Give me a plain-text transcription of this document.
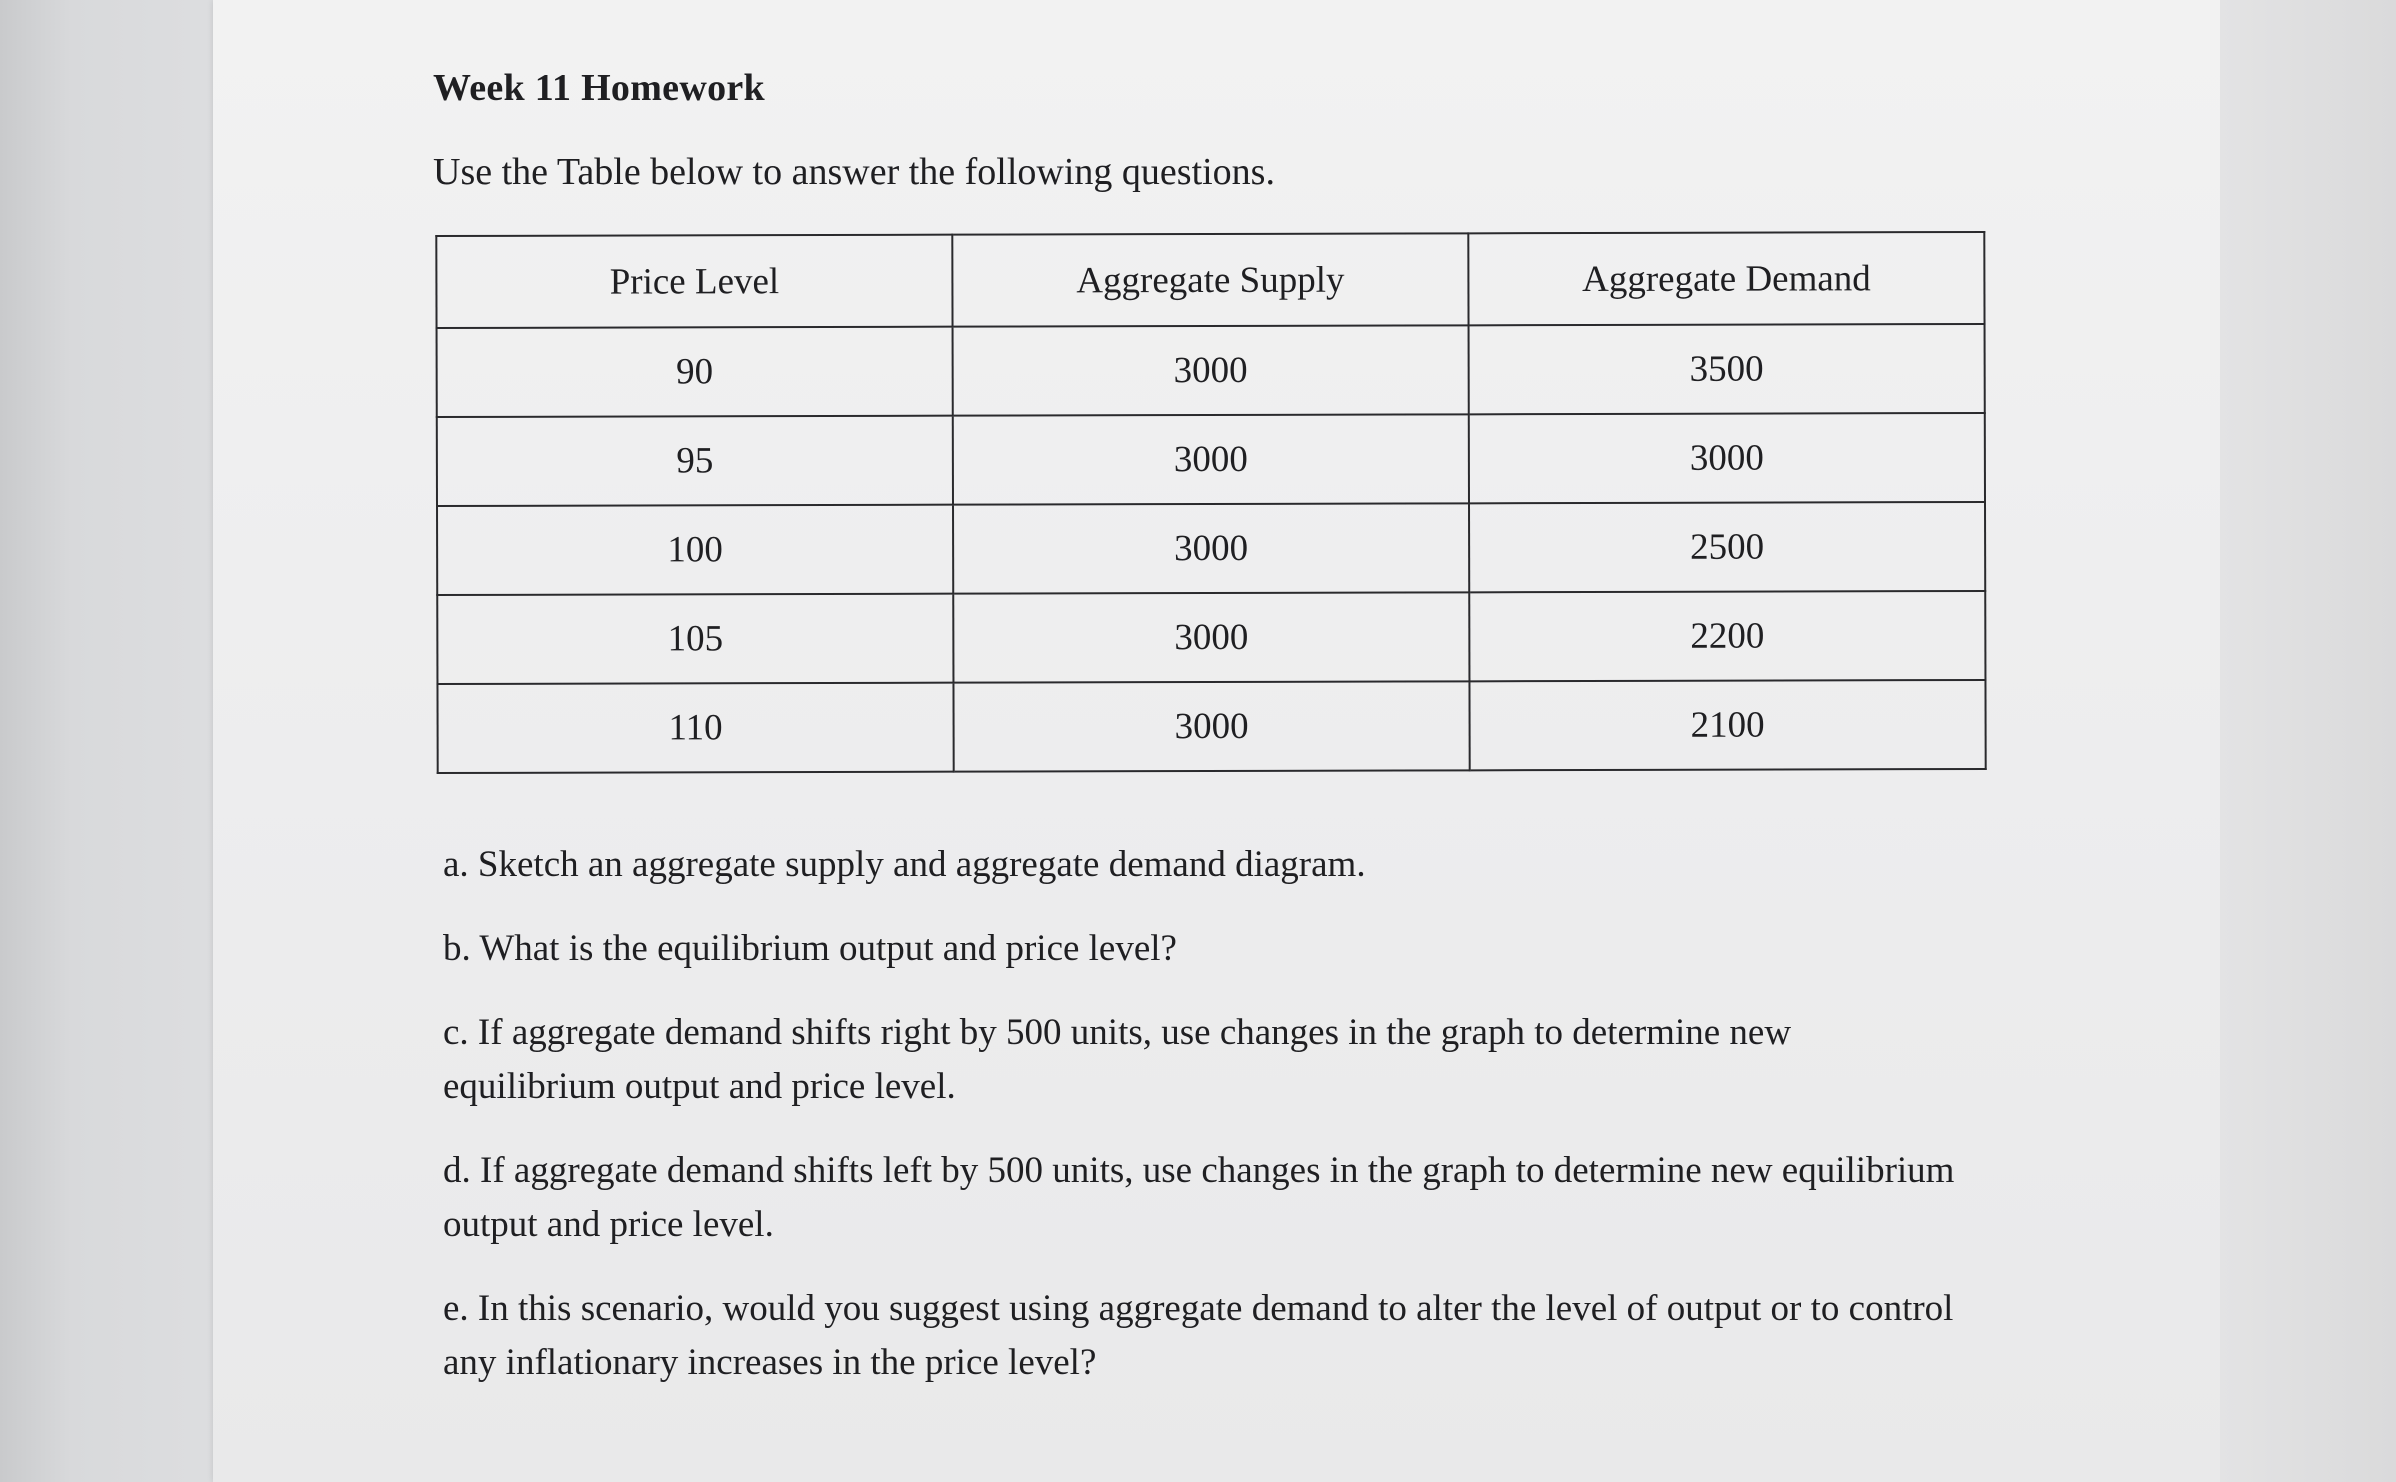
Week 11 Homework
Use the Table below to answer the following questions.
Price Level	Aggregate Supply	Aggregate Demand
90	3000	3500
95	3000	3000
100	3000	2500
105	3000	2200
110	3000	2100

a. Sketch an aggregate supply and aggregate demand diagram.

b. What is the equilibrium output and price level?

c. If aggregate demand shifts right by 500 units, use changes in the graph to determine new equilibrium output and price level.

d. If aggregate demand shifts left by 500 units, use changes in the graph to determine new equilibrium output and price level.

e. In this scenario, would you suggest using aggregate demand to alter the level of output or to control any inflationary increases in the price level?
